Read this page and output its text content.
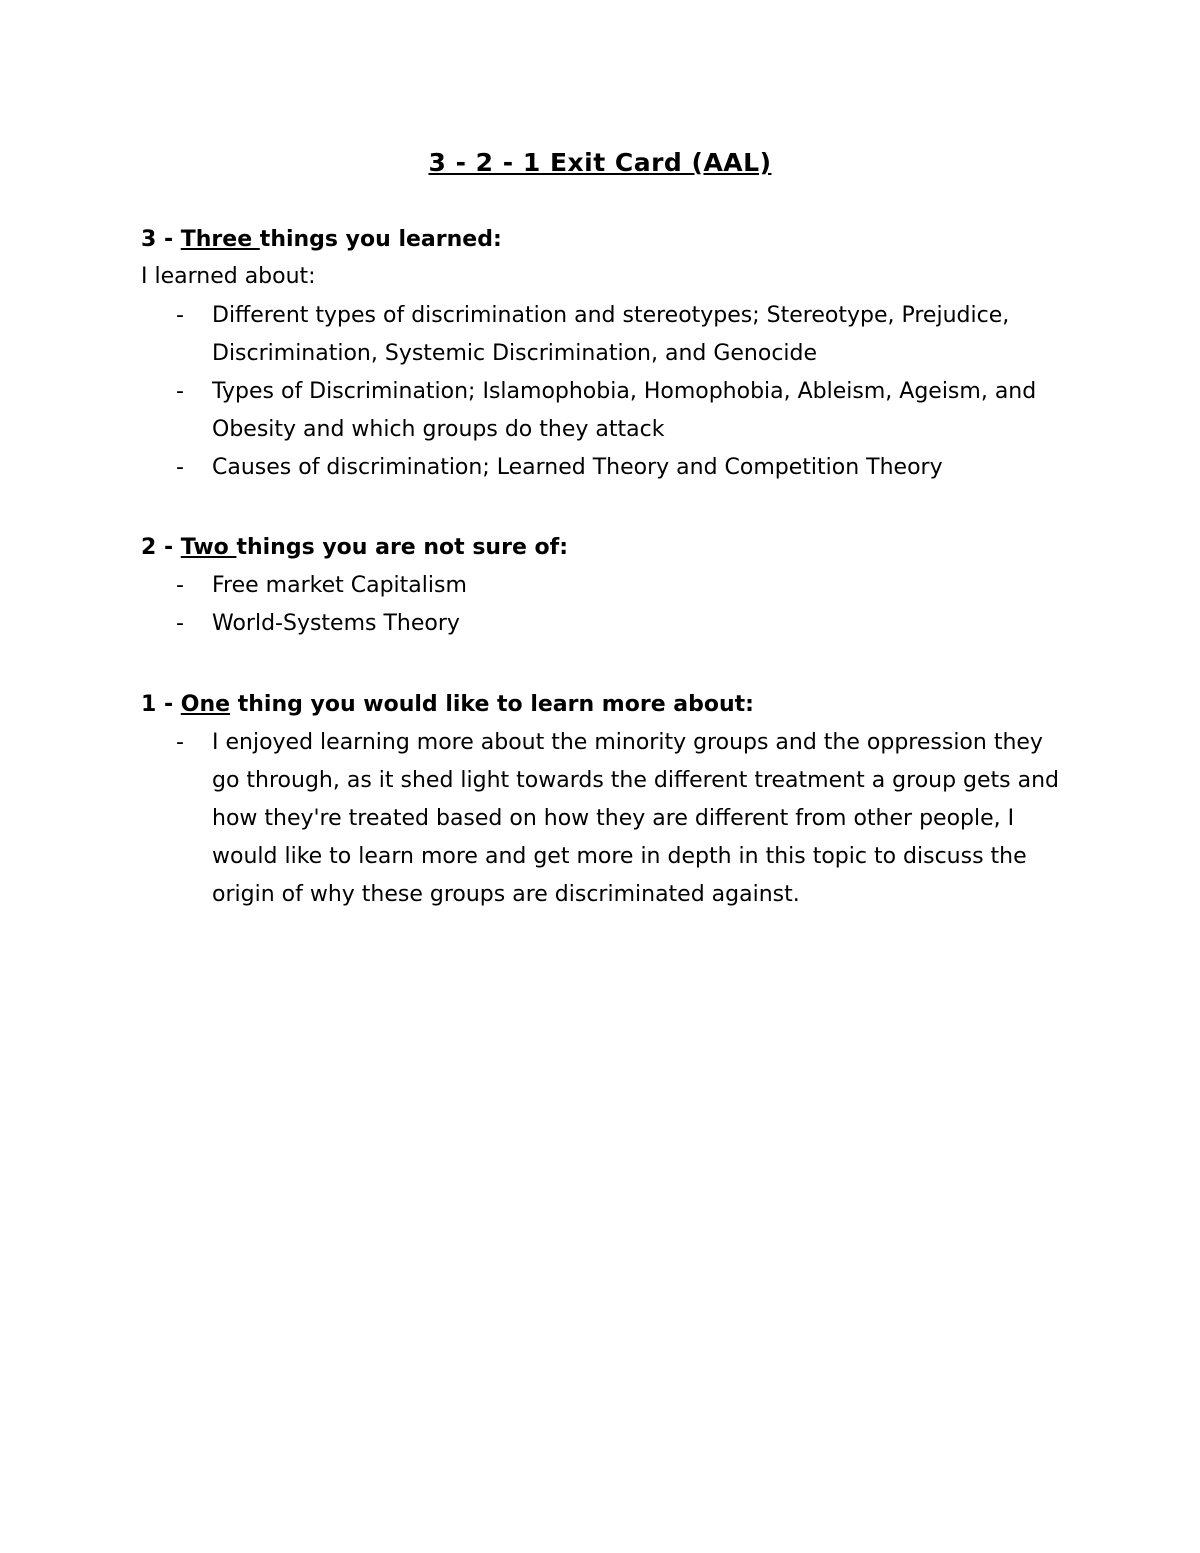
3 - 2 - 1 Exit Card (AAL)
3 - Three things you learned:
I learned about:
- Different types of discrimination and stereotypes; Stereotype, Prejudice, Discrimination, Systemic Discrimination, and Genocide
- Types of Discrimination; Islamophobia, Homophobia, Ableism, Ageism, and Obesity and which groups do they attack
- Causes of discrimination; Learned Theory and Competition Theory
2 - Two things you are not sure of:
- Free market Capitalism
- World-Systems Theory
1 - One thing you would like to learn more about:
- I enjoyed learning more about the minority groups and the oppression they go through, as it shed light towards the different treatment a group gets and how they're treated based on how they are different from other people, I would like to learn more and get more in depth in this topic to discuss the origin of why these groups are discriminated against.
